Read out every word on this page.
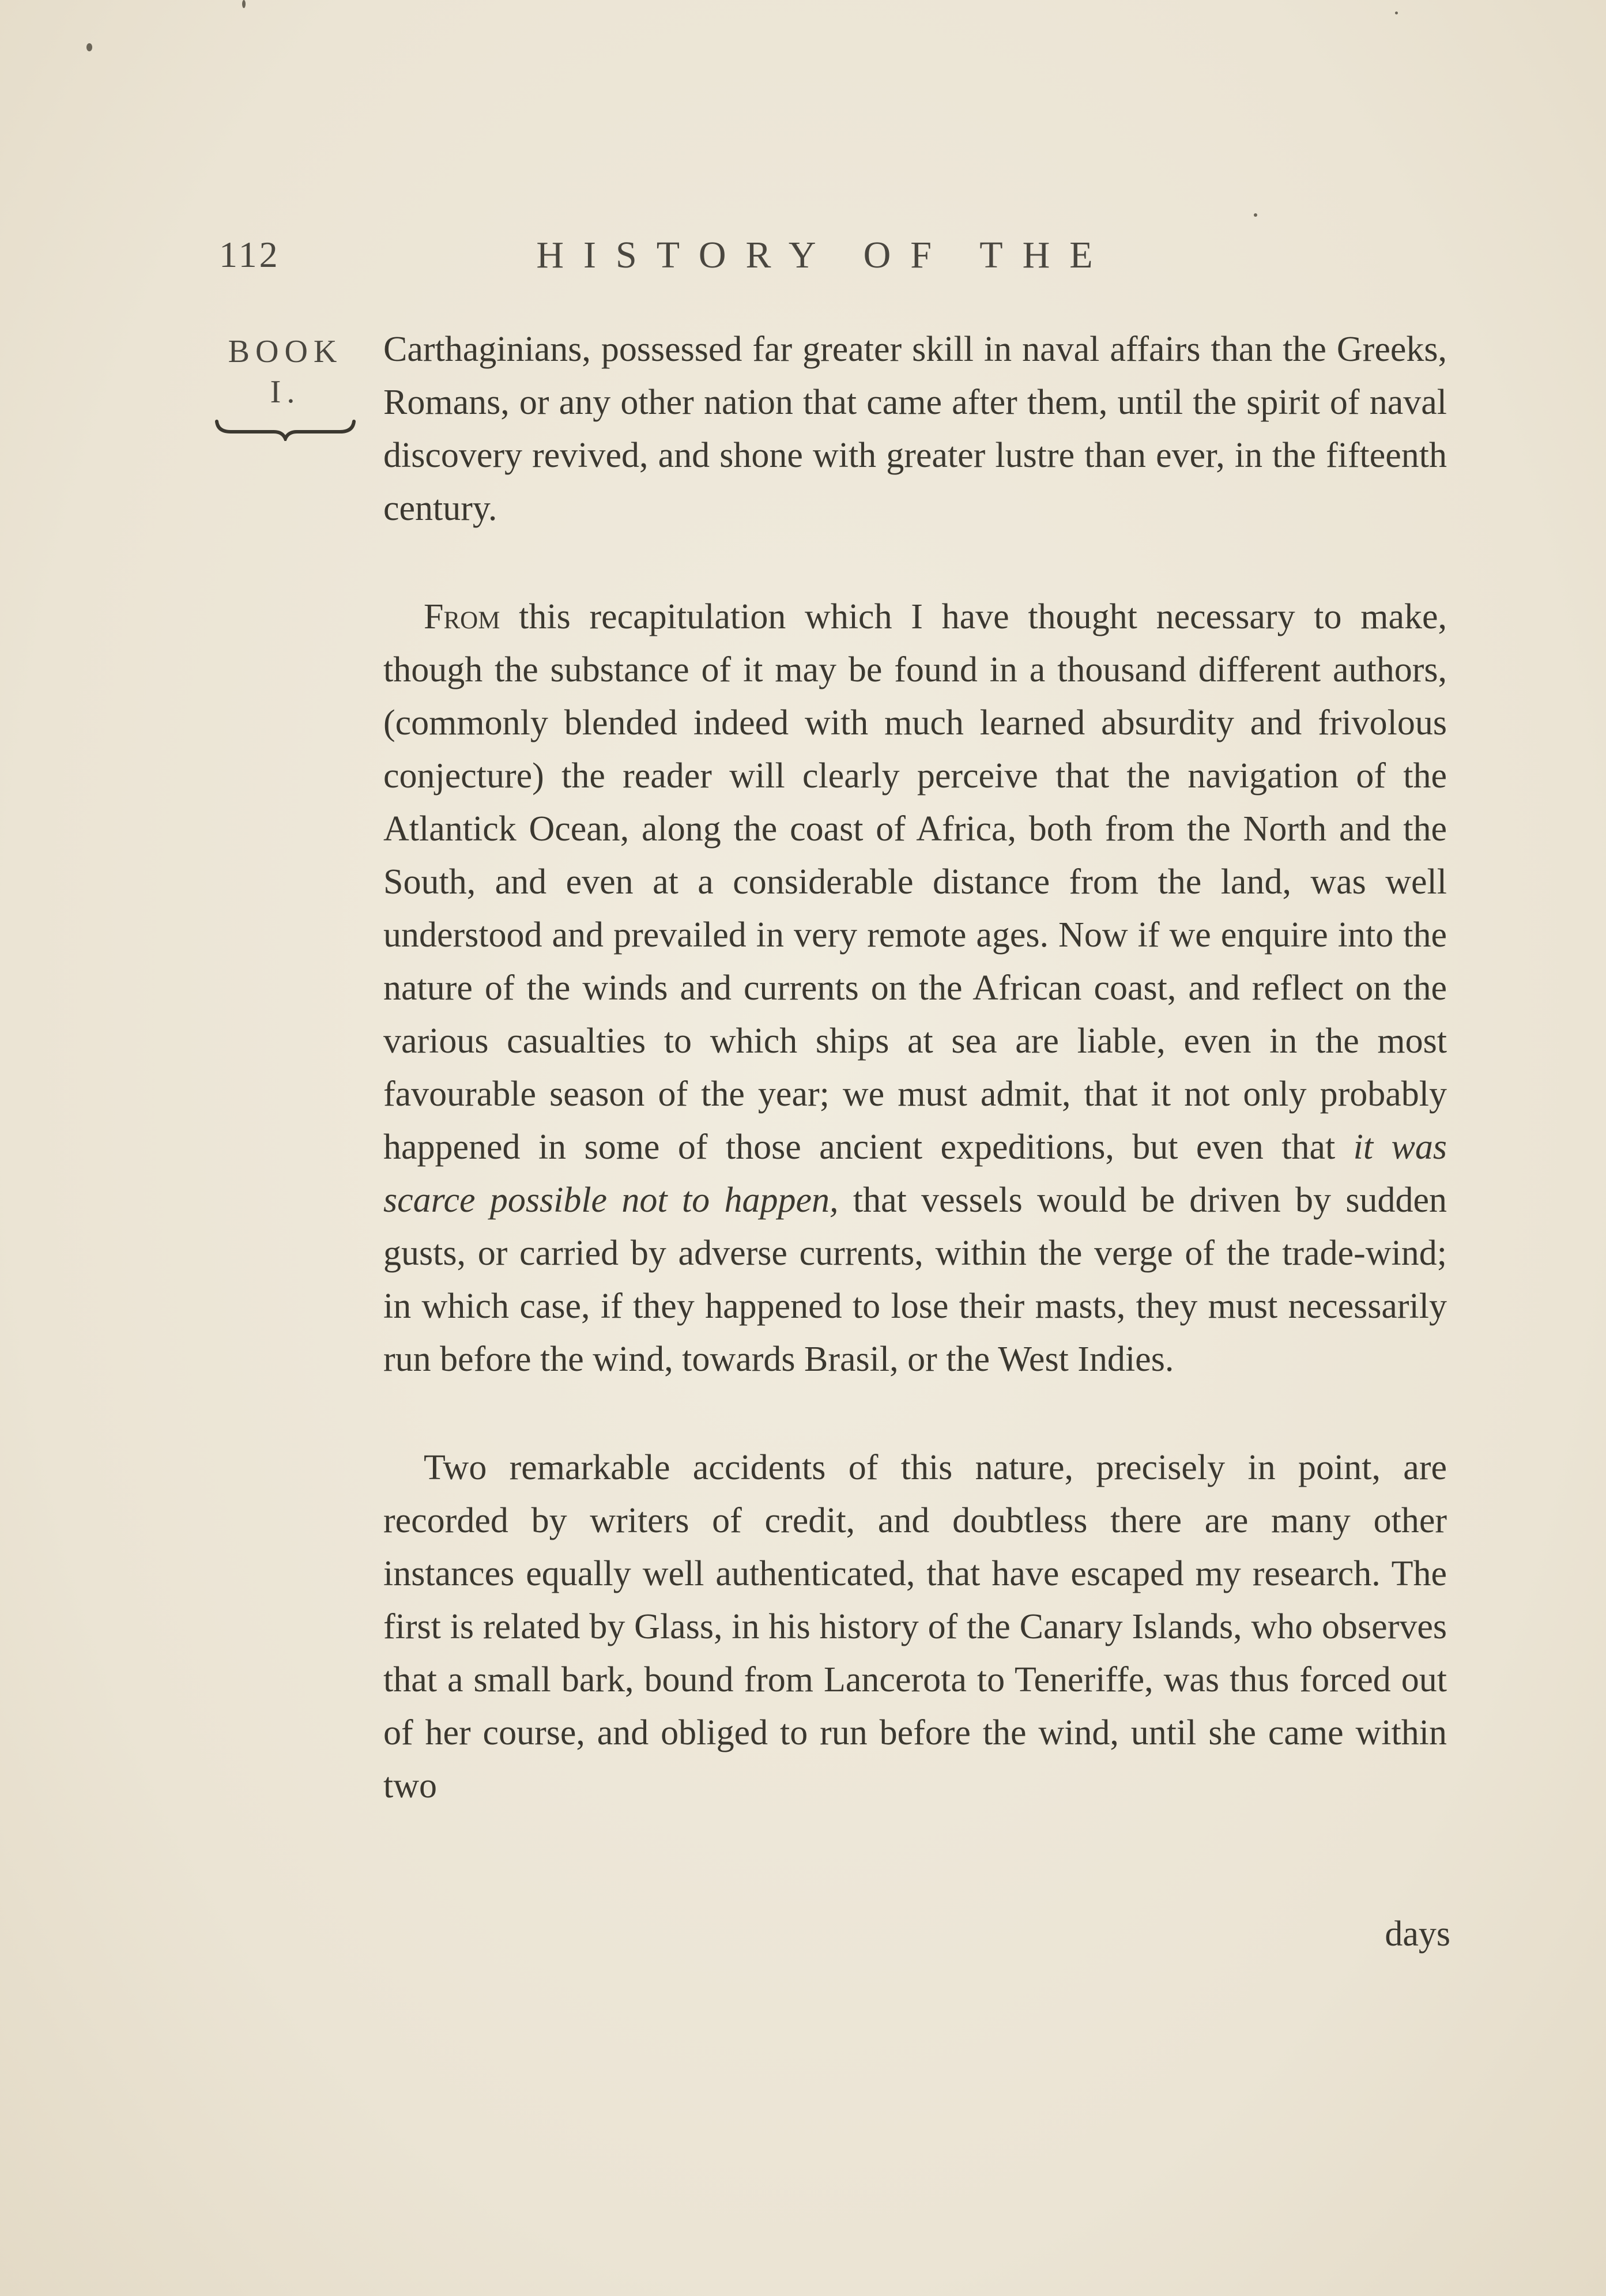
112	HISTORY OF THE
BOOK
I.

Carthaginians, possessed far greater skill in naval affairs than the Greeks, Romans, or any other nation that came after them, until the spirit of naval discovery revived, and shone with greater lustre than ever, in the fifteenth century.

From this recapitulation which I have thought necessary to make, though the substance of it may be found in a thousand different authors, (commonly blended indeed with much learned absurdity and frivolous conjecture) the reader will clearly perceive that the navigation of the Atlantick Ocean, along the coast of Africa, both from the North and the South, and even at a considerable distance from the land, was well understood and prevailed in very remote ages. Now if we enquire into the nature of the winds and currents on the African coast, and reflect on the various casualties to which ships at sea are liable, even in the most favourable season of the year; we must admit, that it not only probably happened in some of those ancient expeditions, but even that it was scarce possible not to happen, that vessels would be driven by sudden gusts, or carried by adverse currents, within the verge of the trade-wind; in which case, if they happened to lose their masts, they must necessarily run before the wind, towards Brasil, or the West Indies.

Two remarkable accidents of this nature, precisely in point, are recorded by writers of credit, and doubtless there are many other instances equally well authenticated, that have escaped my research. The first is related by Glass, in his history of the Canary Islands, who observes that a small bark, bound from Lancerota to Teneriffe, was thus forced out of her course, and obliged to run before the wind, until she came within two

days
